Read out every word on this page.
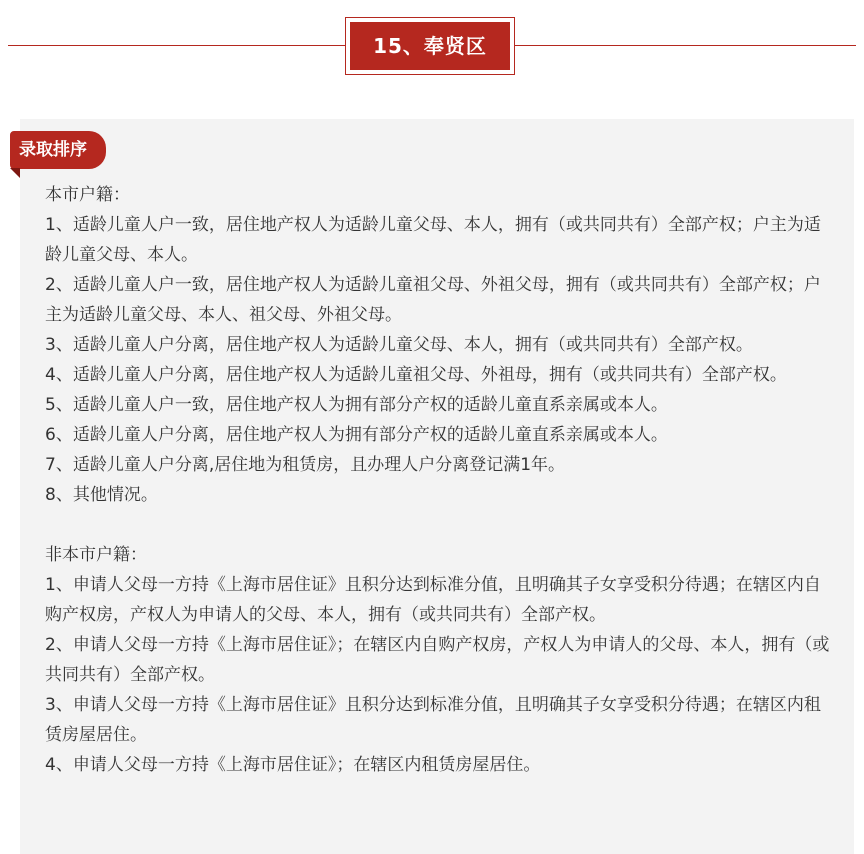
15、奉贤区
录取排序

本市户籍：

1、适龄儿童人户一致，居住地产权人为适龄儿童父母、本人，拥有（或共同共有）全部产权；户主为适龄儿童父母、本人。

2、适龄儿童人户一致，居住地产权人为适龄儿童祖父母、外祖父母，拥有（或共同共有）全部产权；户主为适龄儿童父母、本人、祖父母、外祖父母。

3、适龄儿童人户分离，居住地产权人为适龄儿童父母、本人，拥有（或共同共有）全部产权。

4、适龄儿童人户分离，居住地产权人为适龄儿童祖父母、外祖母，拥有（或共同共有）全部产权。

5、适龄儿童人户一致，居住地产权人为拥有部分产权的适龄儿童直系亲属或本人。

6、适龄儿童人户分离，居住地产权人为拥有部分产权的适龄儿童直系亲属或本人。

7、适龄儿童人户分离,居住地为租赁房，且办理人户分离登记满1年。

8、其他情况。

非本市户籍：

1、申请人父母一方持《上海市居住证》且积分达到标准分值，且明确其子女享受积分待遇；在辖区内自购产权房，产权人为申请人的父母、本人，拥有（或共同共有）全部产权。

2、申请人父母一方持《上海市居住证》；在辖区内自购产权房，产权人为申请人的父母、本人，拥有（或共同共有）全部产权。

3、申请人父母一方持《上海市居住证》且积分达到标准分值，且明确其子女享受积分待遇；在辖区内租赁房屋居住。

4、申请人父母一方持《上海市居住证》；在辖区内租赁房屋居住。
